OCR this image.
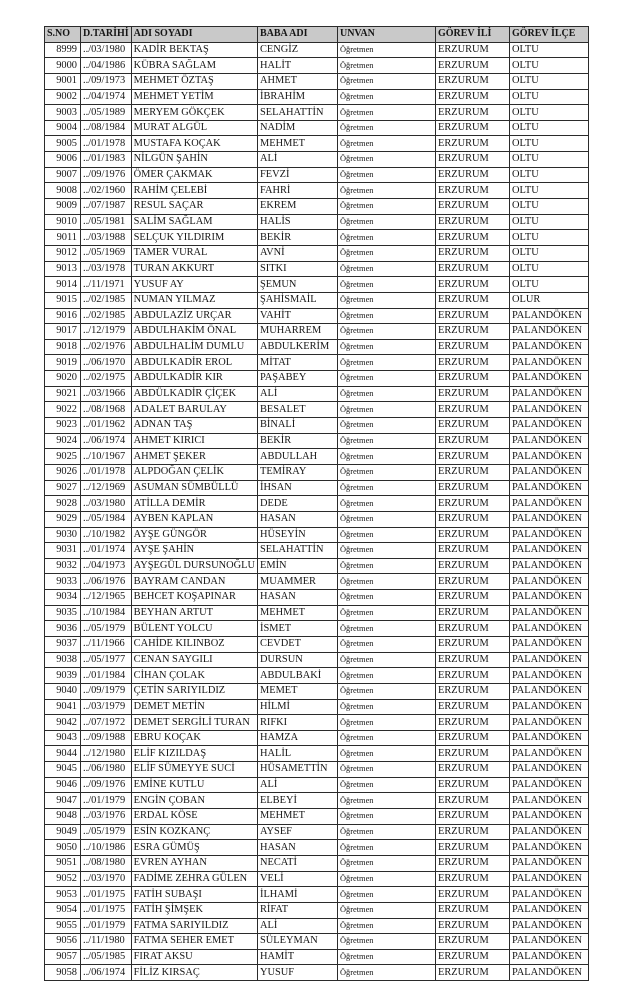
S.NO	D.TARİHİ	ADI SOYADI	BABA ADI	UNVAN	GÖREV İLİ	GÖREV İLÇE
8999	../03/1980	KADİR BEKTAŞ	CENGİZ	Öğretmen	ERZURUM	OLTU
9000	../04/1986	KÜBRA SAĞLAM	HALİT	Öğretmen	ERZURUM	OLTU
9001	../09/1973	MEHMET ÖZTAŞ	AHMET	Öğretmen	ERZURUM	OLTU
9002	../04/1974	MEHMET YETİM	İBRAHİM	Öğretmen	ERZURUM	OLTU
9003	../05/1989	MERYEM GÖKÇEK	SELAHATTİN	Öğretmen	ERZURUM	OLTU
9004	../08/1984	MURAT ALGÜL	NADİM	Öğretmen	ERZURUM	OLTU
9005	../01/1978	MUSTAFA KOÇAK	MEHMET	Öğretmen	ERZURUM	OLTU
9006	../01/1983	NİLGÜN ŞAHİN	ALİ	Öğretmen	ERZURUM	OLTU
9007	../09/1976	ÖMER ÇAKMAK	FEVZİ	Öğretmen	ERZURUM	OLTU
9008	../02/1960	RAHİM ÇELEBİ	FAHRİ	Öğretmen	ERZURUM	OLTU
9009	../07/1987	RESUL SAÇAR	EKREM	Öğretmen	ERZURUM	OLTU
9010	../05/1981	SALİM SAĞLAM	HALİS	Öğretmen	ERZURUM	OLTU
9011	../03/1988	SELÇUK YILDIRIM	BEKİR	Öğretmen	ERZURUM	OLTU
9012	../05/1969	TAMER VURAL	AVNİ	Öğretmen	ERZURUM	OLTU
9013	../03/1978	TURAN AKKURT	SITKI	Öğretmen	ERZURUM	OLTU
9014	../11/1971	YUSUF AY	ŞEMUN	Öğretmen	ERZURUM	OLTU
9015	../02/1985	NUMAN YILMAZ	ŞAHİSMAİL	Öğretmen	ERZURUM	OLUR
9016	../02/1985	ABDULAZİZ URÇAR	VAHİT	Öğretmen	ERZURUM	PALANDÖKEN
9017	../12/1979	ABDULHAKİM ÖNAL	MUHARREM	Öğretmen	ERZURUM	PALANDÖKEN
9018	../02/1976	ABDULHALİM DUMLU	ABDULKERİM	Öğretmen	ERZURUM	PALANDÖKEN
9019	../06/1970	ABDULKADİR EROL	MİTAT	Öğretmen	ERZURUM	PALANDÖKEN
9020	../02/1975	ABDULKADİR KIR	PAŞABEY	Öğretmen	ERZURUM	PALANDÖKEN
9021	../03/1966	ABDÜLKADİR ÇİÇEK	ALİ	Öğretmen	ERZURUM	PALANDÖKEN
9022	../08/1968	ADALET BARULAY	BESALET	Öğretmen	ERZURUM	PALANDÖKEN
9023	../01/1962	ADNAN TAŞ	BİNALİ	Öğretmen	ERZURUM	PALANDÖKEN
9024	../06/1974	AHMET KIRICI	BEKİR	Öğretmen	ERZURUM	PALANDÖKEN
9025	../10/1967	AHMET ŞEKER	ABDULLAH	Öğretmen	ERZURUM	PALANDÖKEN
9026	../01/1978	ALPDOĞAN ÇELİK	TEMİRAY	Öğretmen	ERZURUM	PALANDÖKEN
9027	../12/1969	ASUMAN SÜMBÜLLÜ	İHSAN	Öğretmen	ERZURUM	PALANDÖKEN
9028	../03/1980	ATİLLA DEMİR	DEDE	Öğretmen	ERZURUM	PALANDÖKEN
9029	../05/1984	AYBEN KAPLAN	HASAN	Öğretmen	ERZURUM	PALANDÖKEN
9030	../10/1982	AYŞE GÜNGÖR	HÜSEYİN	Öğretmen	ERZURUM	PALANDÖKEN
9031	../01/1974	AYŞE ŞAHİN	SELAHATTİN	Öğretmen	ERZURUM	PALANDÖKEN
9032	../04/1973	AYŞEGÜL DURSUNOĞLU	EMİN	Öğretmen	ERZURUM	PALANDÖKEN
9033	../06/1976	BAYRAM CANDAN	MUAMMER	Öğretmen	ERZURUM	PALANDÖKEN
9034	../12/1965	BEHCET KOŞAPINAR	HASAN	Öğretmen	ERZURUM	PALANDÖKEN
9035	../10/1984	BEYHAN ARTUT	MEHMET	Öğretmen	ERZURUM	PALANDÖKEN
9036	../05/1979	BÜLENT YOLCU	İSMET	Öğretmen	ERZURUM	PALANDÖKEN
9037	../11/1966	CAHİDE KILINBOZ	CEVDET	Öğretmen	ERZURUM	PALANDÖKEN
9038	../05/1977	CENAN SAYGILI	DURSUN	Öğretmen	ERZURUM	PALANDÖKEN
9039	../01/1984	CİHAN ÇOLAK	ABDULBAKİ	Öğretmen	ERZURUM	PALANDÖKEN
9040	../09/1979	ÇETİN SARIYILDIZ	MEMET	Öğretmen	ERZURUM	PALANDÖKEN
9041	../03/1979	DEMET METİN	HİLMİ	Öğretmen	ERZURUM	PALANDÖKEN
9042	../07/1972	DEMET SERGİLİ TURAN	RIFKI	Öğretmen	ERZURUM	PALANDÖKEN
9043	../09/1988	EBRU KOÇAK	HAMZA	Öğretmen	ERZURUM	PALANDÖKEN
9044	../12/1980	ELİF KIZILDAŞ	HALİL	Öğretmen	ERZURUM	PALANDÖKEN
9045	../06/1980	ELİF SÜMEYYE SUCİ	HÜSAMETTİN	Öğretmen	ERZURUM	PALANDÖKEN
9046	../09/1976	EMİNE KUTLU	ALİ	Öğretmen	ERZURUM	PALANDÖKEN
9047	../01/1979	ENGİN ÇOBAN	ELBEYİ	Öğretmen	ERZURUM	PALANDÖKEN
9048	../03/1976	ERDAL KÖSE	MEHMET	Öğretmen	ERZURUM	PALANDÖKEN
9049	../05/1979	ESİN KOZKANÇ	AYSEF	Öğretmen	ERZURUM	PALANDÖKEN
9050	../10/1986	ESRA GÜMÜŞ	HASAN	Öğretmen	ERZURUM	PALANDÖKEN
9051	../08/1980	EVREN AYHAN	NECATİ	Öğretmen	ERZURUM	PALANDÖKEN
9052	../03/1970	FADİME ZEHRA GÜLEN	VELİ	Öğretmen	ERZURUM	PALANDÖKEN
9053	../01/1975	FATİH SUBAŞI	İLHAMİ	Öğretmen	ERZURUM	PALANDÖKEN
9054	../01/1975	FATİH ŞİMŞEK	RİFAT	Öğretmen	ERZURUM	PALANDÖKEN
9055	../01/1979	FATMA SARIYILDIZ	ALİ	Öğretmen	ERZURUM	PALANDÖKEN
9056	../11/1980	FATMA SEHER EMET	SÜLEYMAN	Öğretmen	ERZURUM	PALANDÖKEN
9057	../05/1985	FIRAT AKSU	HAMİT	Öğretmen	ERZURUM	PALANDÖKEN
9058	../06/1974	FİLİZ KIRSAÇ	YUSUF	Öğretmen	ERZURUM	PALANDÖKEN
